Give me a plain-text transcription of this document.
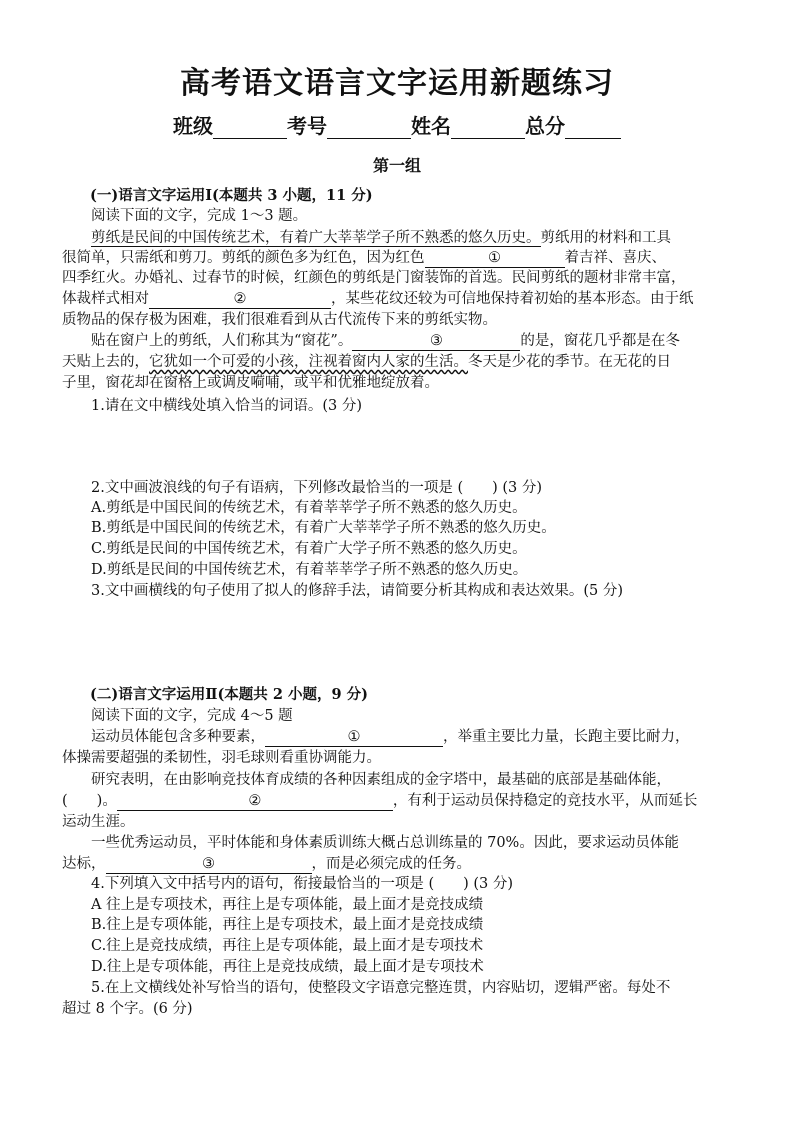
高考语文语言文字运用新题练习
班级	考号	姓名	总分
第一组
(一)语言文字运用Ⅰ(本题共 3 小题，11 分)
阅读下面的文字，完成 1～3 题。
剪纸是民间的中国传统艺术，有着广大莘莘学子所不熟悉的悠久历史。剪纸用的材料和工具
很简单，只需纸和剪刀。剪纸的颜色多为红色，因为红色	①	着吉祥、喜庆、
四季红火。办婚礼、过春节的时候，红颜色的剪纸是门窗装饰的首选。民间剪纸的题材非常丰富，
体裁样式相对	②	，某些花纹还较为可信地保持着初始的基本形态。由于纸
质物品的保存极为困难，我们很难看到从古代流传下来的剪纸实物。
贴在窗户上的剪纸，人们称其为“窗花”。	③	的是，窗花几乎都是在冬
天贴上去的，它犹如一个可爱的小孩，注视着窗内人家的生活。冬天是少花的季节。在无花的日
子里，窗花却在窗格上或调皮嗬哺，或平和优雅地绽放着。
1.请在文中横线处填入恰当的词语。(3 分)
2.文中画波浪线的句子有语病，下列修改最恰当的一项是 (　　) (3 分)
A.剪纸是中国民间的传统艺术，有着莘莘学子所不熟悉的悠久历史。
B.剪纸是中国民间的传统艺术，有着广大莘莘学子所不熟悉的悠久历史。
C.剪纸是民间的中国传统艺术，有着广大学子所不熟悉的悠久历史。
D.剪纸是民间的中国传统艺术，有着莘莘学子所不熟悉的悠久历史。
3.文中画横线的句子使用了拟人的修辞手法，请简要分析其构成和表达效果。(5 分)
(二)语言文字运用Ⅱ(本题共 2 小题，9 分)
阅读下面的文字，完成 4～5 题
运动员体能包含多种要素，	①	，举重主要比力量，长跑主要比耐力，
体操需要超强的柔韧性，羽毛球则看重协调能力。
研究表明，在由影响竞技体育成绩的各种因素组成的金字塔中，最基础的底部是基础体能，
(　　)。	②	，有利于运动员保持稳定的竞技水平，从而延长
运动生涯。
一些优秀运动员，平时体能和身体素质训练大概占总训练量的 70%。因此，要求运动员体能
达标，	③	，而是必须完成的任务。
4.下列填入文中括号内的语句，衔接最恰当的一项是 (　　) (3 分)
A 往上是专项技术，再往上是专项体能，最上面才是竞技成绩
B.往上是专项体能，再往上是专项技术，最上面才是竞技成绩
C.往上是竞技成绩，再往上是专项体能，最上面才是专项技术
D.往上是专项体能，再往上是竞技成绩，最上面才是专项技术
5.在上文横线处补写恰当的语句，使整段文字语意完整连贯，内容贴切，逻辑严密。每处不
超过 8 个字。(6 分)
